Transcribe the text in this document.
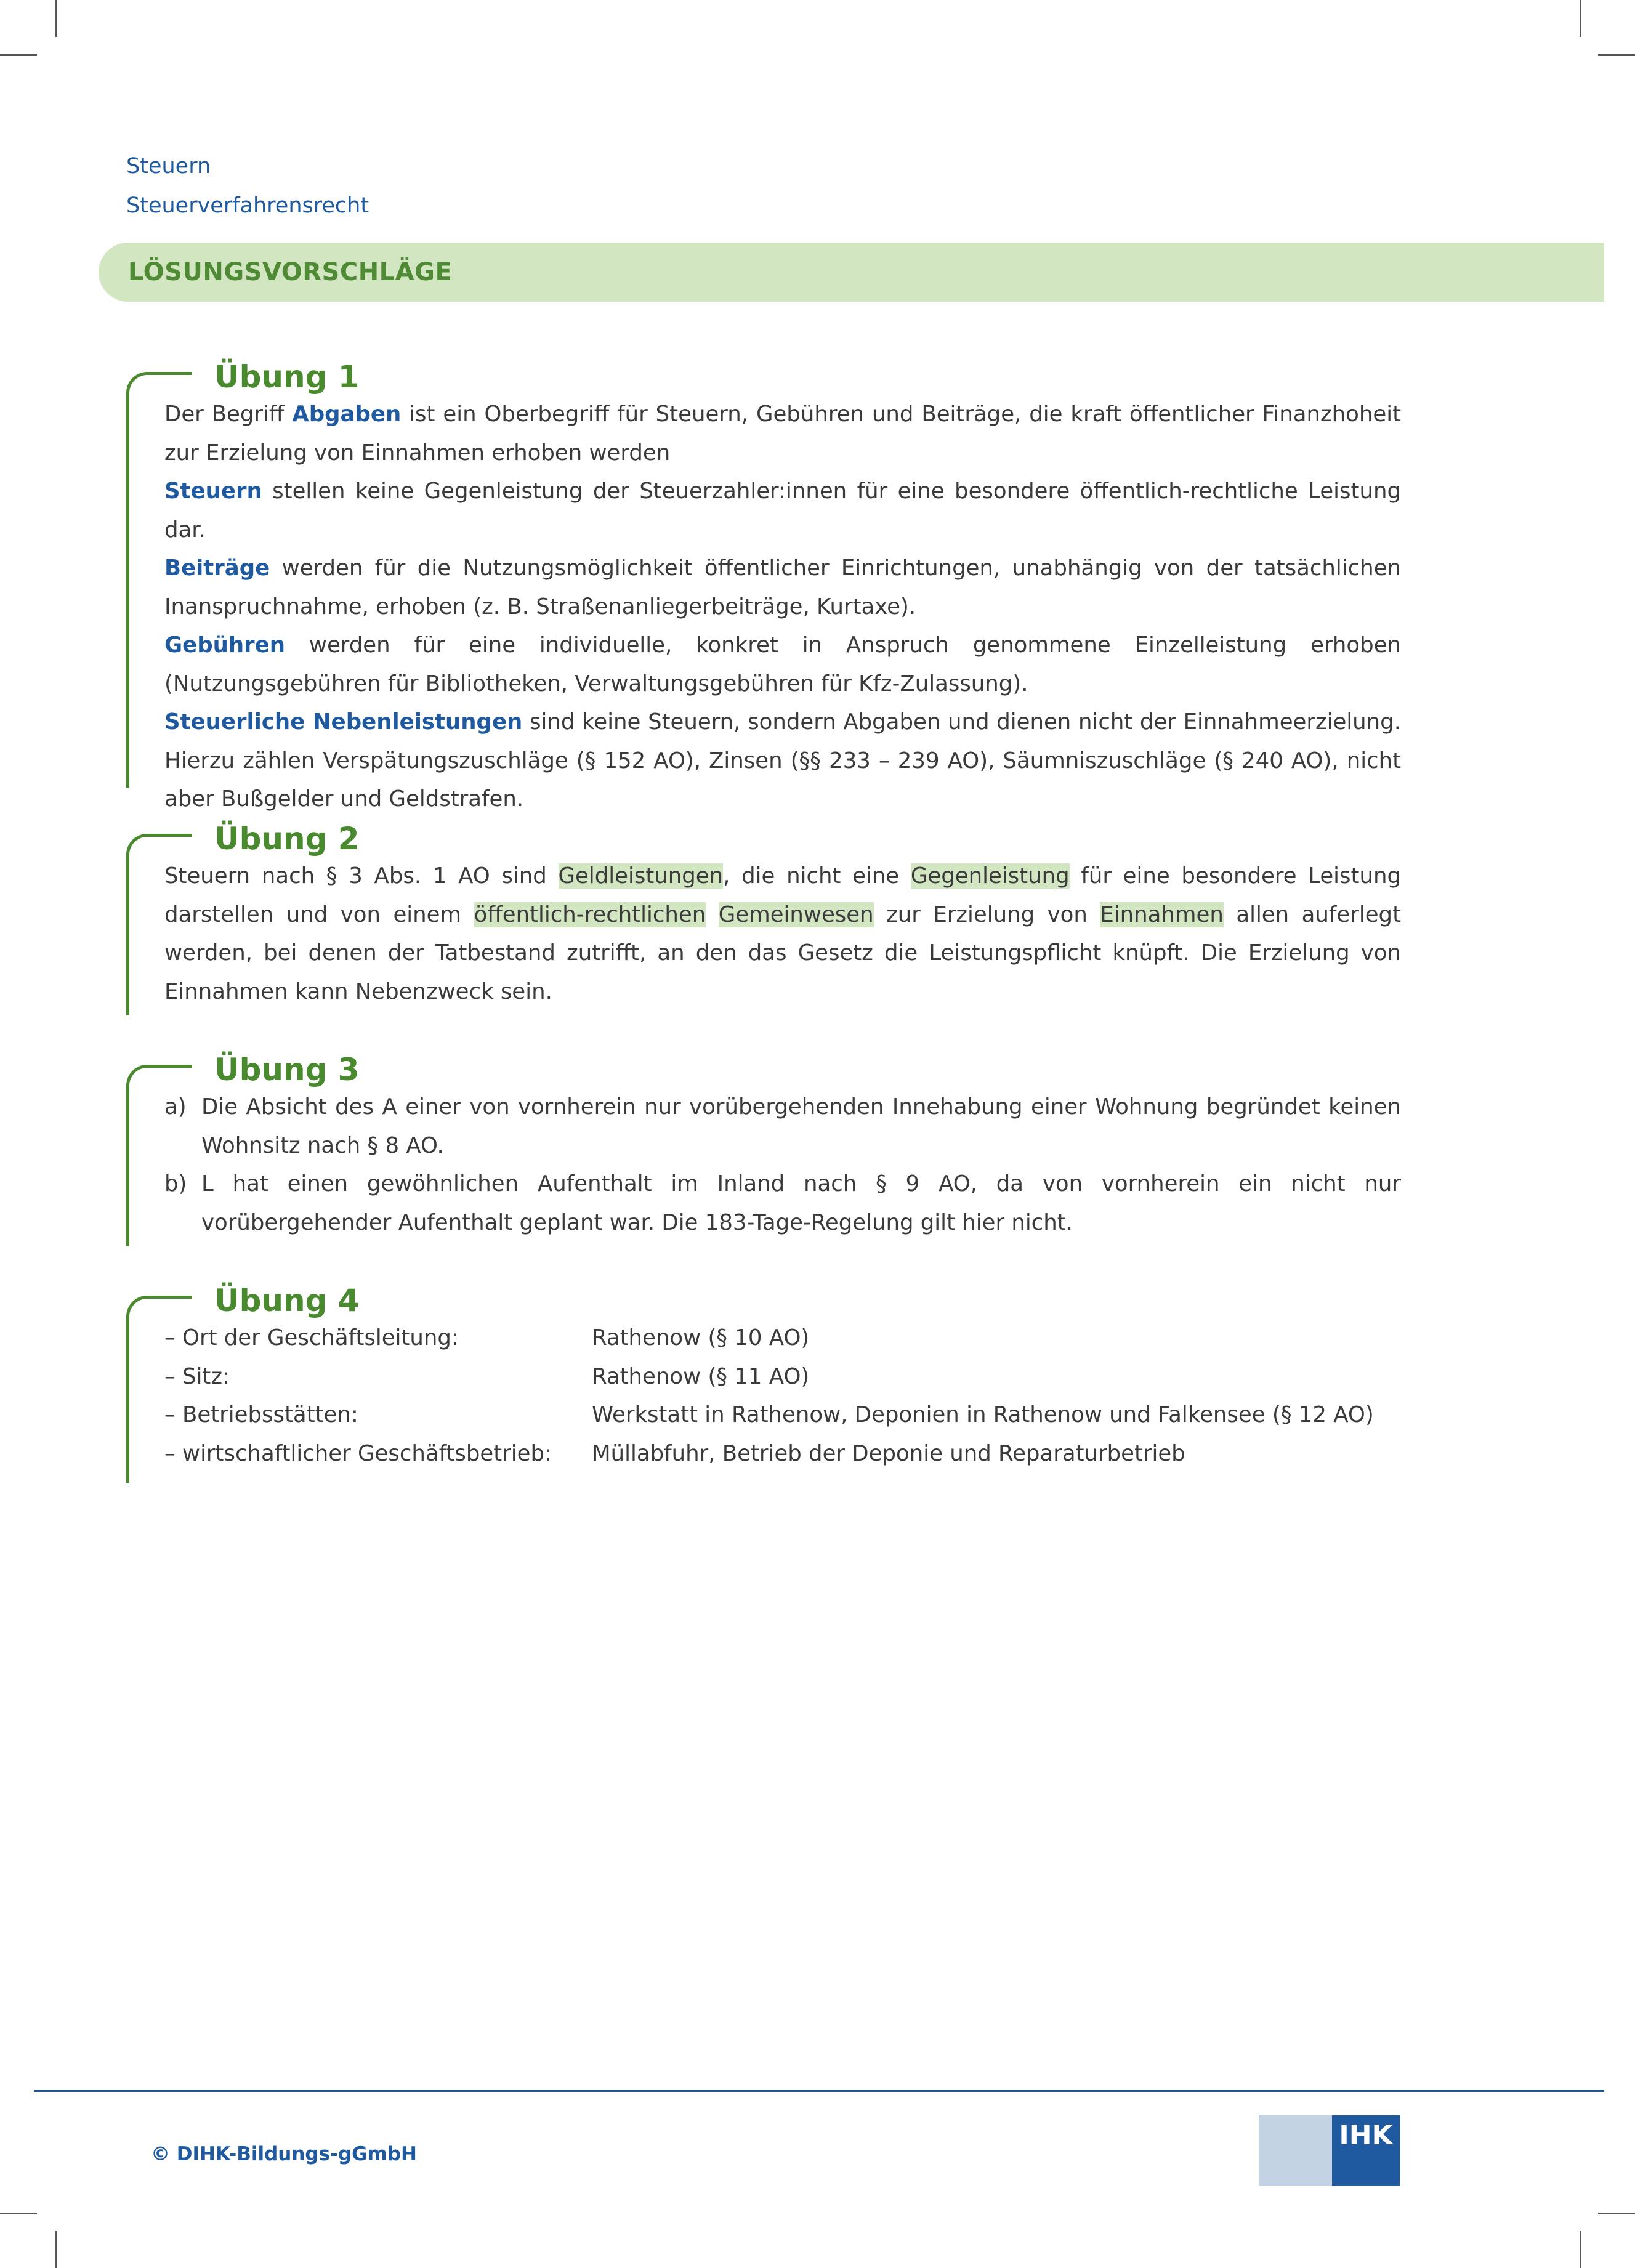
Steuern
Steuerverfahrensrecht
LÖSUNGSVORSCHLÄGE
Übung 1

Der Begriff Abgaben ist ein Oberbegriff für Steuern, Gebühren und Beiträge, die kraft öffentlicher Finanzhoheit zur Erzielung von Einnahmen erhoben werden

Steuern stellen keine Gegenleistung der Steuerzahler:innen für eine besondere öffentlich-rechtliche Leistung dar.

Beiträge werden für die Nutzungsmöglichkeit öffentlicher Einrichtungen, unabhängig von der tatsächlichen Inanspruchnahme, erhoben (z. B. Straßenanliegerbeiträge, Kurtaxe).

Gebühren werden für eine individuelle, konkret in Anspruch genommene Einzelleistung erhoben (Nutzungsgebühren für Bibliotheken, Verwaltungsgebühren für Kfz-Zulassung).

Steuerliche Nebenleistungen sind keine Steuern, sondern Abgaben und dienen nicht der Einnahmeerzielung. Hierzu zählen Verspätungszuschläge (§ 152 AO), Zinsen (§§ 233 – 239 AO), Säumniszuschläge (§ 240 AO), nicht aber Bußgelder und Geldstrafen.

Übung 2

Steuern nach § 3 Abs. 1 AO sind Geldleistungen, die nicht eine Gegenleistung für eine besondere Leistung darstellen und von einem öffentlich-rechtlichen Gemeinwesen zur Erzielung von Einnahmen allen auferlegt werden, bei denen der Tatbestand zutrifft, an den das Gesetz die Leistungspflicht knüpft. Die Erzielung von Einnahmen kann Nebenzweck sein.

Übung 3
a) Die Absicht des A einer von vornherein nur vorübergehenden Innehabung einer Wohnung begründet keinen Wohnsitz nach § 8 AO.
b) L hat einen gewöhnlichen Aufenthalt im Inland nach § 9 AO, da von vornherein ein nicht nur vorübergehender Aufenthalt geplant war. Die 183-Tage-Regelung gilt hier nicht.
Übung 4
– Ort der Geschäftsleitung:	Rathenow (§ 10 AO)
– Sitz:	Rathenow (§ 11 AO)
– Betriebsstätten:	Werkstatt in Rathenow, Deponien in Rathenow und Falkensee (§ 12 AO)
– wirtschaftlicher Geschäftsbetrieb:	Müllabfuhr, Betrieb der Deponie und Reparaturbetrieb
© DIHK-Bildungs-gGmbH
IHK
